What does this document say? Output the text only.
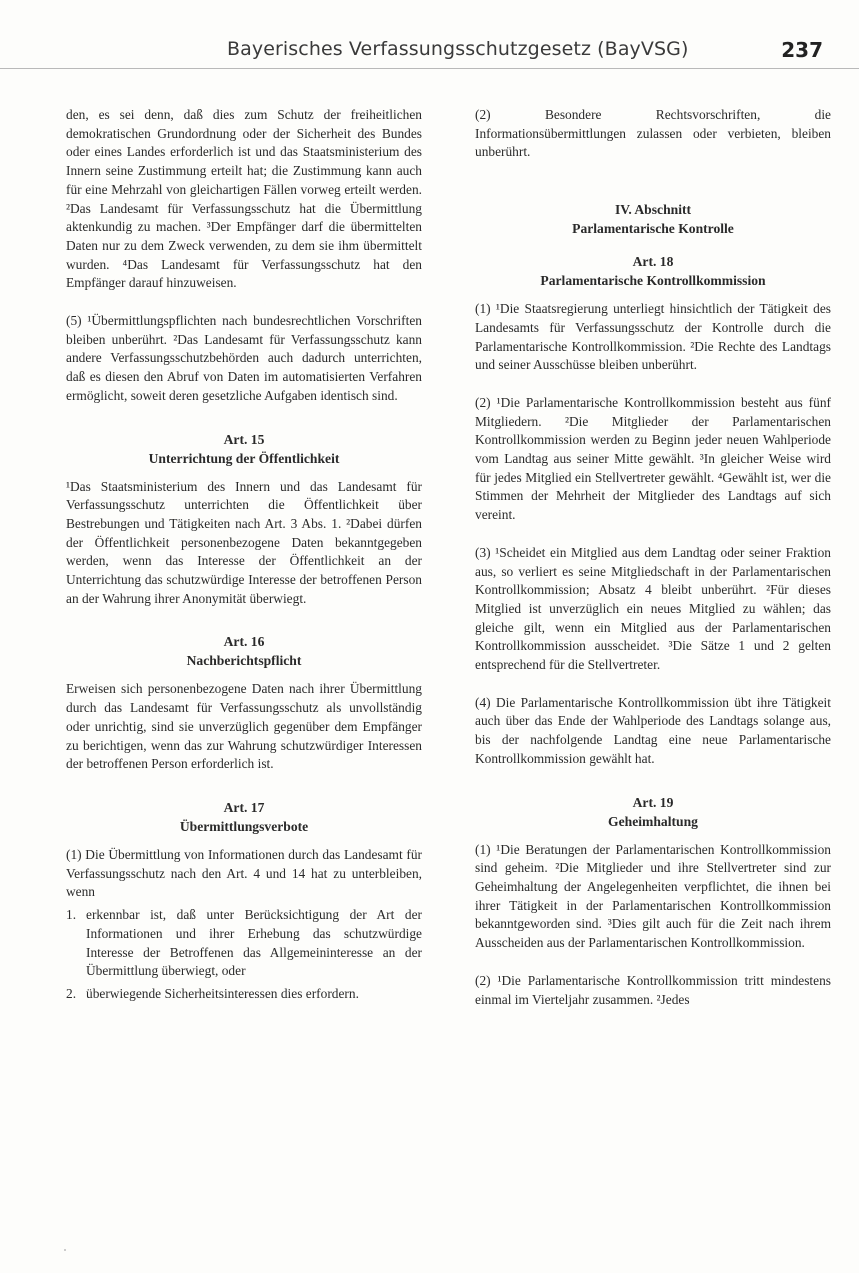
Bayerisches Verfassungsschutzgesetz (BayVSG)	237

den, es sei denn, daß dies zum Schutz der freiheitlichen demokratischen Grundordnung oder der Sicherheit des Bundes oder eines Landes erforderlich ist und das Staatsministerium des Innern seine Zustimmung erteilt hat; die Zustimmung kann auch für eine Mehrzahl von gleichartigen Fällen vorweg erteilt werden. ²Das Landesamt für Verfassungsschutz hat die Übermittlung aktenkundig zu machen. ³Der Empfänger darf die übermittelten Daten nur zu dem Zweck verwenden, zu dem sie ihm übermittelt wurden. ⁴Das Landesamt für Verfassungsschutz hat den Empfänger darauf hinzuweisen.

(5) ¹Übermittlungspflichten nach bundesrechtlichen Vorschriften bleiben unberührt. ²Das Landesamt für Verfassungsschutz kann andere Verfassungsschutzbehörden auch dadurch unterrichten, daß es diesen den Abruf von Daten im automatisierten Verfahren ermöglicht, soweit deren gesetzliche Aufgaben identisch sind.

Art. 15
Unterrichtung der Öffentlichkeit

¹Das Staatsministerium des Innern und das Landesamt für Verfassungsschutz unterrichten die Öffentlichkeit über Bestrebungen und Tätigkeiten nach Art. 3 Abs. 1. ²Dabei dürfen der Öffentlichkeit personenbezogene Daten bekanntgegeben werden, wenn das Interesse der Öffentlichkeit an der Unterrichtung das schutzwürdige Interesse der betroffenen Person an der Wahrung ihrer Anonymität überwiegt.

Art. 16
Nachberichtspflicht

Erweisen sich personenbezogene Daten nach ihrer Übermittlung durch das Landesamt für Verfassungsschutz als unvollständig oder unrichtig, sind sie unverzüglich gegenüber dem Empfänger zu berichtigen, wenn das zur Wahrung schutzwürdiger Interessen der betroffenen Person erforderlich ist.

Art. 17
Übermittlungsverbote

(1) Die Übermittlung von Informationen durch das Landesamt für Verfassungsschutz nach den Art. 4 und 14 hat zu unterbleiben, wenn

1. erkennbar ist, daß unter Berücksichtigung der Art der Informationen und ihrer Erhebung das schutzwürdige Interesse der Betroffenen das Allgemeininteresse an der Übermittlung überwiegt, oder
2. überwiegende Sicherheitsinteressen dies erfordern.

(2) Besondere Rechtsvorschriften, die Informationsübermittlungen zulassen oder verbieten, bleiben unberührt.

IV. Abschnitt
Parlamentarische Kontrolle
Art. 18
Parlamentarische Kontrollkommission

(1) ¹Die Staatsregierung unterliegt hinsichtlich der Tätigkeit des Landesamts für Verfassungsschutz der Kontrolle durch die Parlamentarische Kontrollkommission. ²Die Rechte des Landtags und seiner Ausschüsse bleiben unberührt.

(2) ¹Die Parlamentarische Kontrollkommission besteht aus fünf Mitgliedern. ²Die Mitglieder der Parlamentarischen Kontrollkommission werden zu Beginn jeder neuen Wahlperiode vom Landtag aus seiner Mitte gewählt. ³In gleicher Weise wird für jedes Mitglied ein Stellvertreter gewählt. ⁴Gewählt ist, wer die Stimmen der Mehrheit der Mitglieder des Landtags auf sich vereint.

(3) ¹Scheidet ein Mitglied aus dem Landtag oder seiner Fraktion aus, so verliert es seine Mitgliedschaft in der Parlamentarischen Kontrollkommission; Absatz 4 bleibt unberührt. ²Für dieses Mitglied ist unverzüglich ein neues Mitglied zu wählen; das gleiche gilt, wenn ein Mitglied aus der Parlamentarischen Kontrollkommission ausscheidet. ³Die Sätze 1 und 2 gelten entsprechend für die Stellvertreter.

(4) Die Parlamentarische Kontrollkommission übt ihre Tätigkeit auch über das Ende der Wahlperiode des Landtags solange aus, bis der nachfolgende Landtag eine neue Parlamentarische Kontrollkommission gewählt hat.

Art. 19
Geheimhaltung

(1) ¹Die Beratungen der Parlamentarischen Kontrollkommission sind geheim. ²Die Mitglieder und ihre Stellvertreter sind zur Geheimhaltung der Angelegenheiten verpflichtet, die ihnen bei ihrer Tätigkeit in der Parlamentarischen Kontrollkommission bekanntgeworden sind. ³Dies gilt auch für die Zeit nach ihrem Ausscheiden aus der Parlamentarischen Kontrollkommission.

(2) ¹Die Parlamentarische Kontrollkommission tritt mindestens einmal im Vierteljahr zusammen. ²Jedes
